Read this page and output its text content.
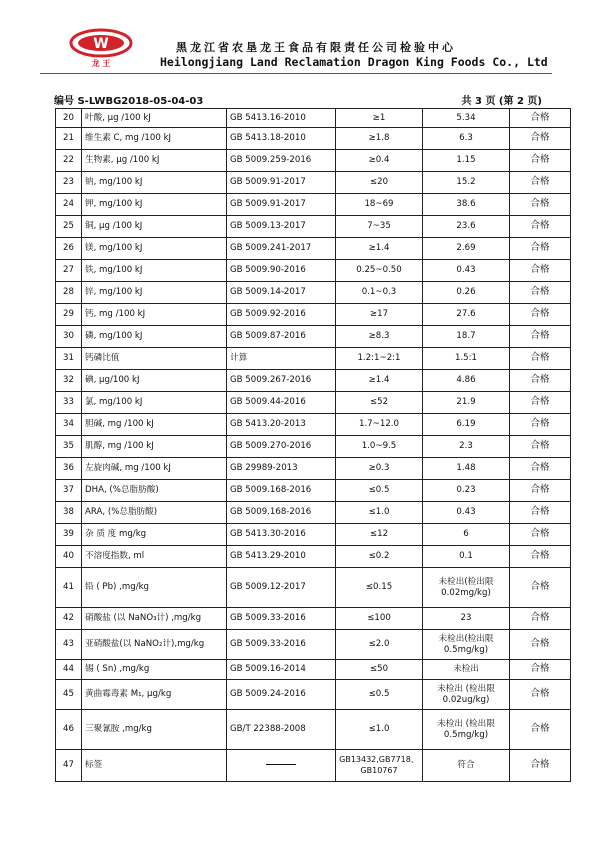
W
龙 王
黑龙江省农垦龙王食品有限责任公司检验中心
Heilongjiang Land Reclamation Dragon King Foods Co., Ltd
编号 S-LWBG2018-05-04-03	共 3 页 (第 2 页)
20	叶酸, μg /100 kJ	GB 5413.16-2010	≥1	5.34	合格
21	维生素 C, mg /100 kJ	GB 5413.18-2010	≥1.8	6.3	合格
22	生物素, μg /100 kJ	GB 5009.259-2016	≥0.4	1.15	合格
23	钠, mg/100 kJ	GB 5009.91-2017	≤20	15.2	合格
24	钾, mg/100 kJ	GB 5009.91-2017	18~69	38.6	合格
25	铜, μg /100 kJ	GB 5009.13-2017	7~35	23.6	合格
26	镁, mg/100 kJ	GB 5009.241-2017	≥1.4	2.69	合格
27	铁, mg/100 kJ	GB 5009.90-2016	0.25~0.50	0.43	合格
28	锌, mg/100 kJ	GB 5009.14-2017	0.1~0.3	0.26	合格
29	钙, mg /100 kJ	GB 5009.92-2016	≥17	27.6	合格
30	磷, mg/100 kJ	GB 5009.87-2016	≥8.3	18.7	合格
31	钙磷比值	计算	1.2:1~2:1	1.5:1	合格
32	碘, μg/100 kJ	GB 5009.267-2016	≥1.4	4.86	合格
33	氯, mg/100 kJ	GB 5009.44-2016	≤52	21.9	合格
34	胆碱, mg /100 kJ	GB 5413.20-2013	1.7~12.0	6.19	合格
35	肌醇, mg /100 kJ	GB 5009.270-2016	1.0~9.5	2.3	合格
36	左旋肉碱, mg /100 kJ	GB 29989-2013	≥0.3	1.48	合格
37	DHA, (%总脂肪酸)	GB 5009.168-2016	≤0.5	0.23	合格
38	ARA, (%总脂肪酸)	GB 5009.168-2016	≤1.0	0.43	合格
39	杂 质 度 mg/kg	GB 5413.30-2016	≤12	6	合格
40	不溶度指数, ml	GB 5413.29-2010	≤0.2	0.1	合格
41	铅 ( Pb) ,mg/kg	GB 5009.12-2017	≤0.15	未检出(检出限 0.02mg/kg)	合格
42	硝酸盐 (以 NaNO₃计) ,mg/kg	GB 5009.33-2016	≤100	23	合格
43	亚硝酸盐(以 NaNO₂计),mg/kg	GB 5009.33-2016	≤2.0	未检出(检出限 0.5mg/kg)	合格
44	锡 ( Sn) ,mg/kg	GB 5009.16-2014	≤50	未检出	合格
45	黄曲霉毒素 M₁, μg/kg	GB 5009.24-2016	≤0.5	未检出 (检出限 0.02ug/kg)	合格
46	三聚氰胺 ,mg/kg	GB/T 22388-2008	≤1.0	未检出 (检出限 0.5mg/kg)	合格
47	标签		GB13432,GB7718、GB10767	符合	合格
